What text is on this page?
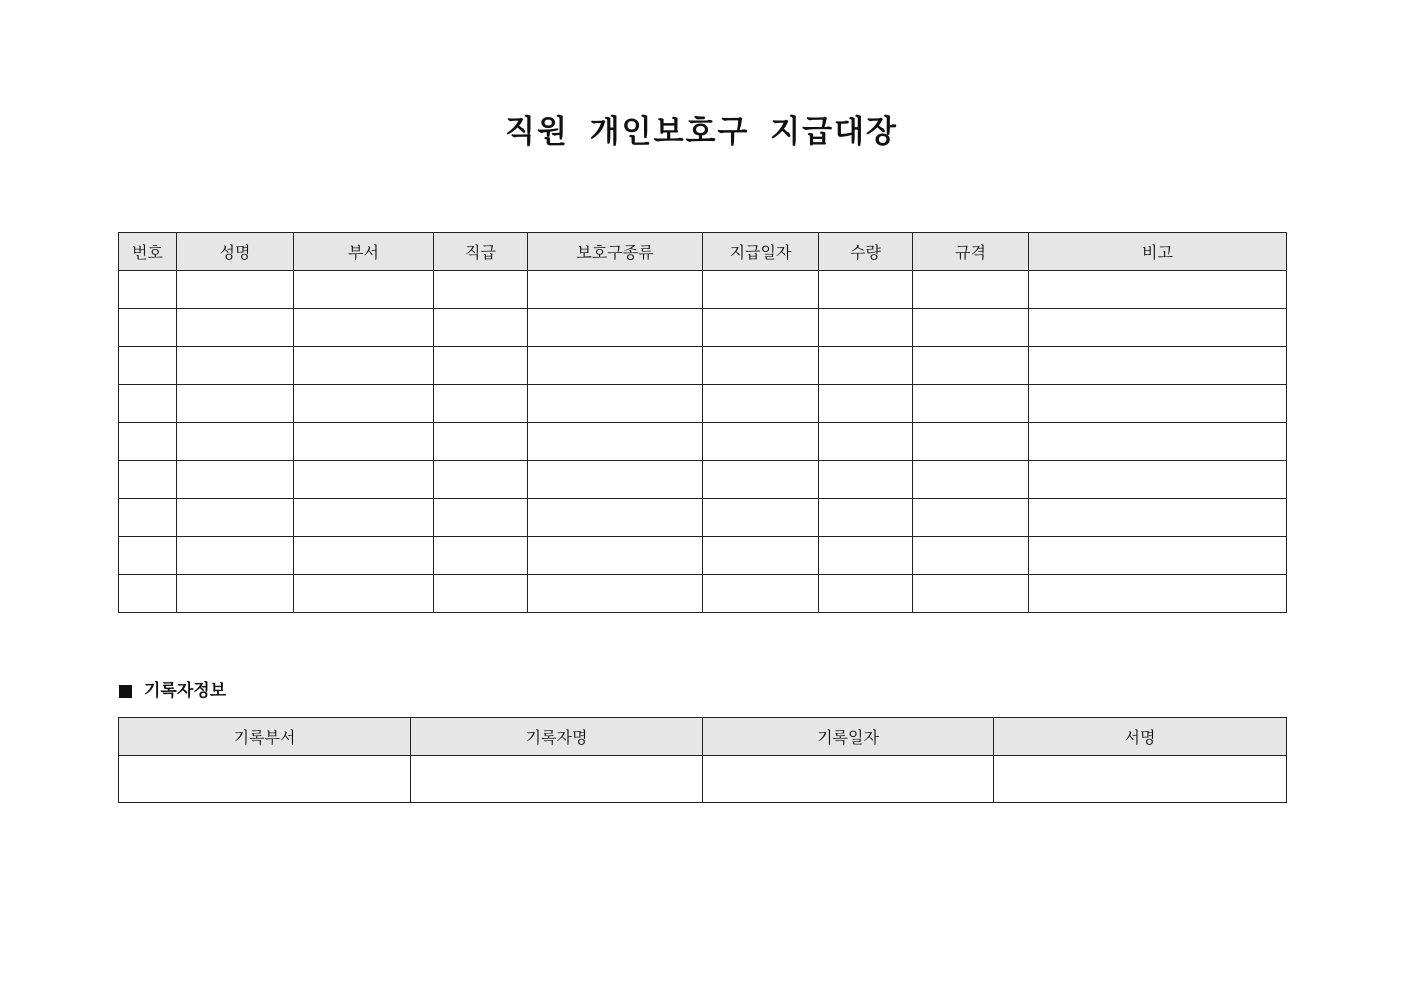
직원 개인보호구 지급대장
번호	성명	부서	직급	보호구종류	지급일자	수량	규격	비고

기록자정보
기록부서	기록자명	기록일자	서명
